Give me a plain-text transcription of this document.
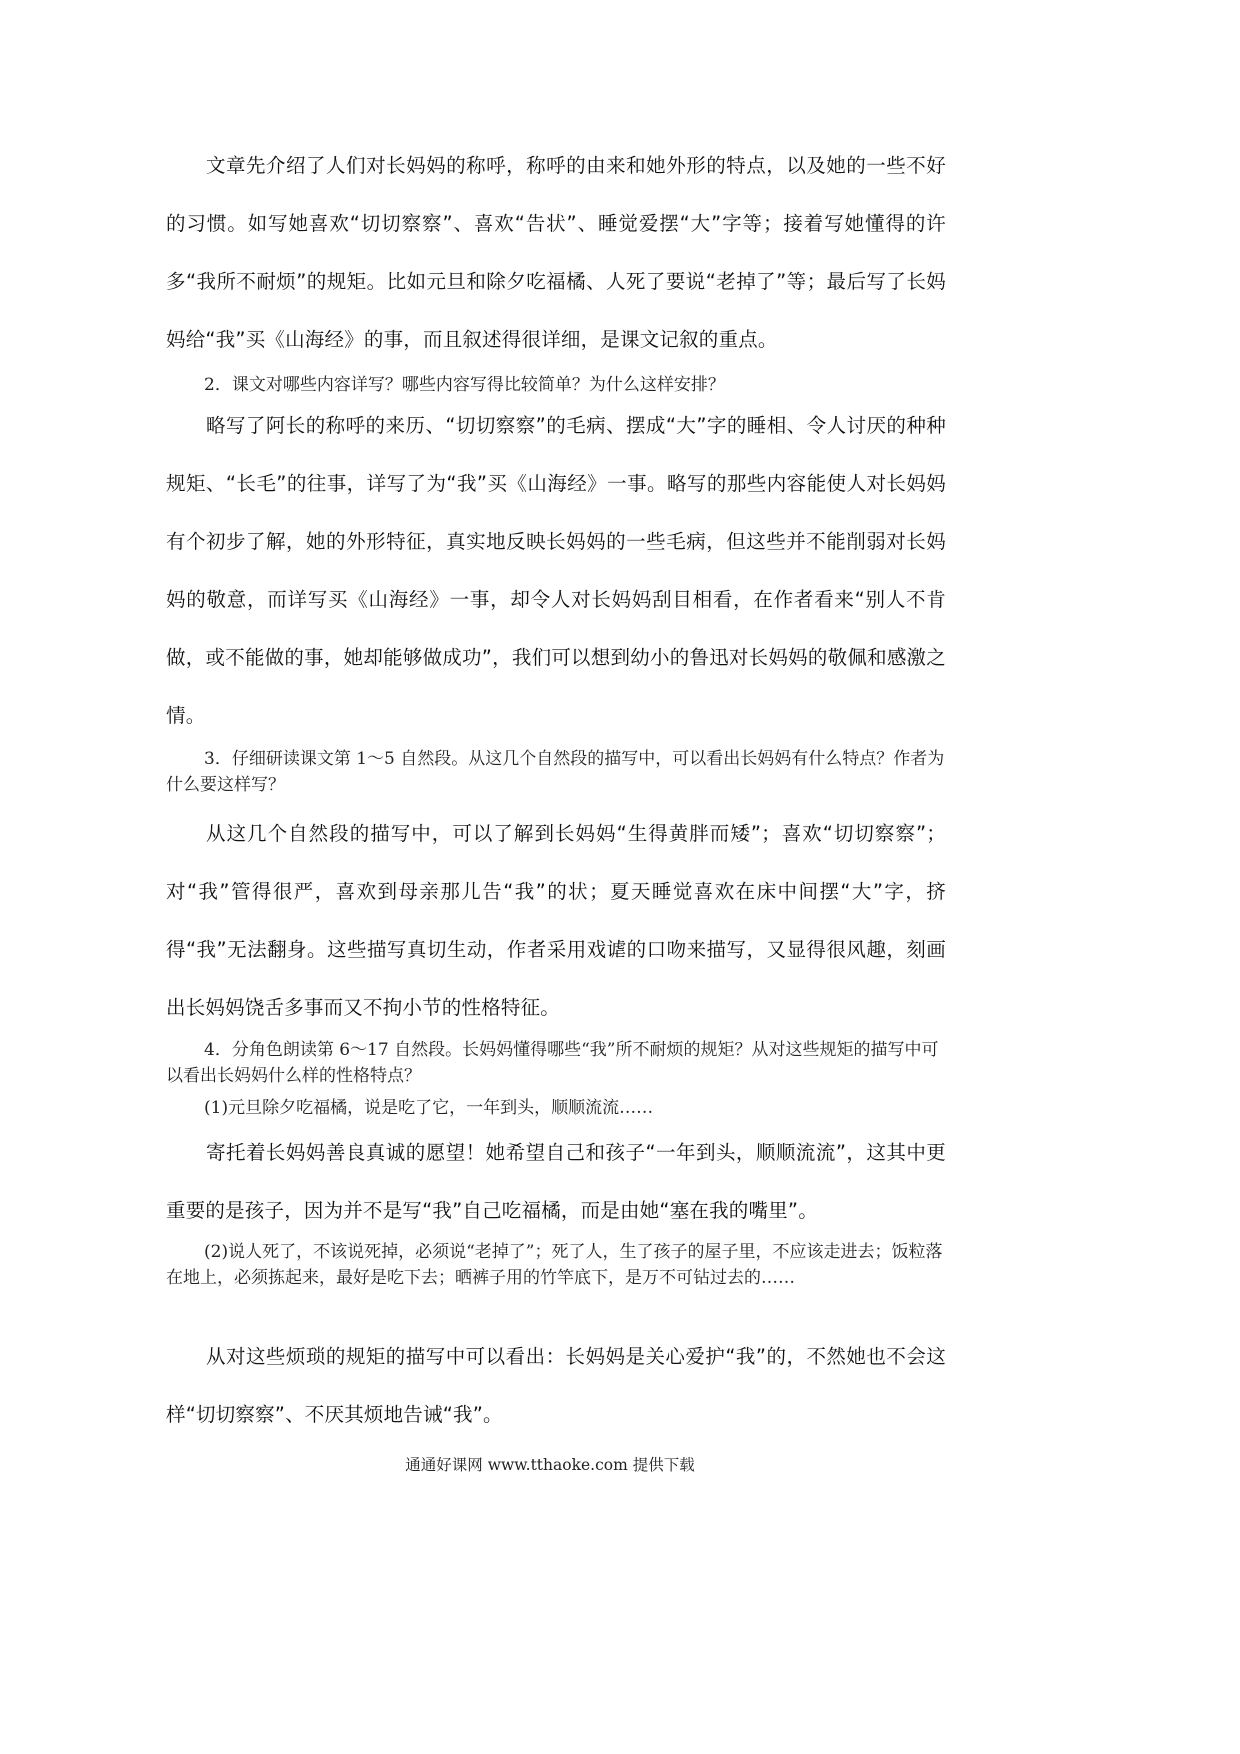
文章先介绍了人们对长妈妈的称呼，称呼的由来和她外形的特点，以及她的一些不好的习惯。如写她喜欢“切切察察”、喜欢“告状”、睡觉爱摆“大”字等；接着写她懂得的许多“我所不耐烦”的规矩。比如元旦和除夕吃福橘、人死了要说“老掉了”等；最后写了长妈妈给“我”买《山海经》的事，而且叙述得很详细，是课文记叙的重点。

2．课文对哪些内容详写？哪些内容写得比较简单？为什么这样安排？

略写了阿长的称呼的来历、“切切察察”的毛病、摆成“大”字的睡相、令人讨厌的种种规矩、“长毛”的往事，详写了为“我”买《山海经》一事。略写的那些内容能使人对长妈妈有个初步了解，她的外形特征，真实地反映长妈妈的一些毛病，但这些并不能削弱对长妈妈的敬意，而详写买《山海经》一事，却令人对长妈妈刮目相看，在作者看来“别人不肯做，或不能做的事，她却能够做成功”，我们可以想到幼小的鲁迅对长妈妈的敬佩和感激之情。

3．仔细研读课文第 1～5 自然段。从这几个自然段的描写中，可以看出长妈妈有什么特点？作者为什么要这样写？

从这几个自然段的描写中，可以了解到长妈妈“生得黄胖而矮”；喜欢“切切察察”；对“我”管得很严，喜欢到母亲那儿告“我”的状；夏天睡觉喜欢在床中间摆“大”字，挤得“我”无法翻身。这些描写真切生动，作者采用戏谑的口吻来描写，又显得很风趣，刻画出长妈妈饶舌多事而又不拘小节的性格特征。

4．分角色朗读第 6～17 自然段。长妈妈懂得哪些“我”所不耐烦的规矩？从对这些规矩的描写中可以看出长妈妈什么样的性格特点？

(1)元旦除夕吃福橘，说是吃了它，一年到头，顺顺流流……

寄托着长妈妈善良真诚的愿望！她希望自己和孩子“一年到头，顺顺流流”，这其中更重要的是孩子，因为并不是写“我”自己吃福橘，而是由她“塞在我的嘴里”。

(2)说人死了，不该说死掉，必须说“老掉了”；死了人，生了孩子的屋子里，不应该走进去；饭粒落在地上，必须拣起来，最好是吃下去；晒裤子用的竹竿底下，是万不可钻过去的……

从对这些烦琐的规矩的描写中可以看出：长妈妈是关心爱护“我”的，不然她也不会这样“切切察察”、不厌其烦地告诫“我”。

通通好课网 www.tthaoke.com 提供下载
